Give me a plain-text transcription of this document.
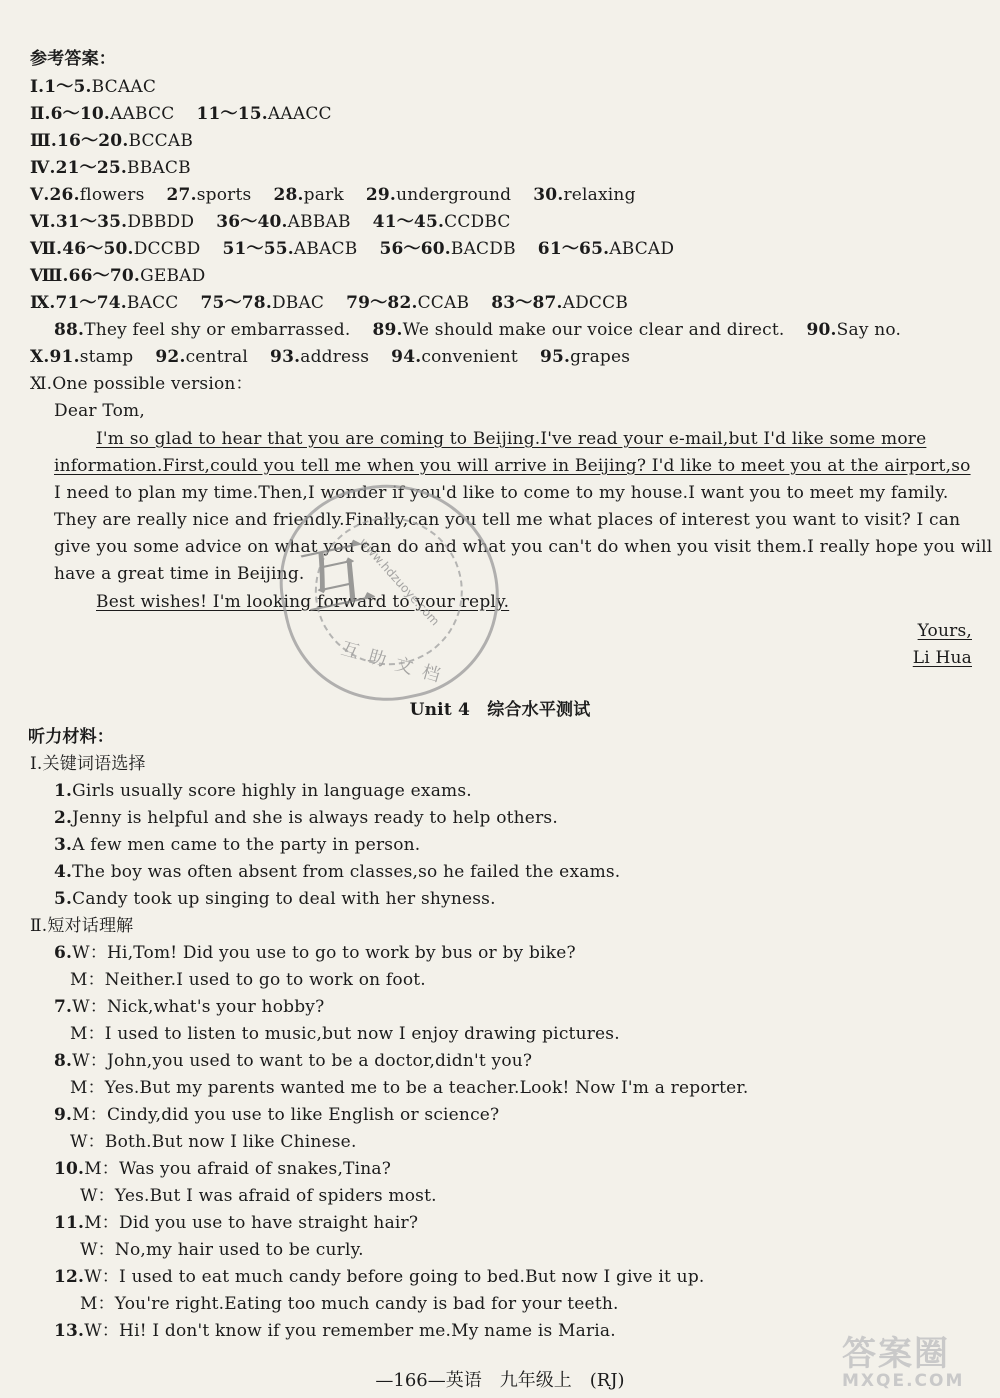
参考答案：
Ⅰ.1～5.BCAAC
Ⅱ.6～10.AABCC 11～15.AAACC
Ⅲ.16～20.BCCAB
Ⅳ.21～25.BBACB
Ⅴ.26.flowers 27.sports 28.park 29.underground 30.relaxing
Ⅵ.31～35.DBBDD 36～40.ABBAB 41～45.CCDBC
Ⅶ.46～50.DCCBD 51～55.ABACB 56～60.BACDB 61～65.ABCAD
Ⅷ.66～70.GEBAD
Ⅸ.71～74.BACC 75～78.DBAC 79～82.CCAB 83～87.ADCCB
88.They feel shy or embarrassed. 89.We should make our voice clear and direct. 90.Say no.
Ⅹ.91.stamp 92.central 93.address 94.convenient 95.grapes
Ⅺ.One possible version：
Dear Tom,
I'm so glad to hear that you are coming to Beijing.I've read your e-mail,but I'd like some more
information.First,could you tell me when you will arrive in Beijing? I'd like to meet you at the airport,so
I need to plan my time.Then,I wonder if you'd like to come to my house.I want you to meet my family.
They are really nice and friendly.Finally,can you tell me what places of interest you want to visit? I can
give you some advice on what you can do and what you can't do when you visit them.I really hope you will
have a great time in Beijing.
Best wishes! I'm looking forward to your reply.
Yours,
Li Hua
互
www.hdzuoye.com
互助文档
Unit 4　综合水平测试
听力材料：
Ⅰ.关键词语选择
1.Girls usually score highly in language exams.
2.Jenny is helpful and she is always ready to help others.
3.A few men came to the party in person.
4.The boy was often absent from classes,so he failed the exams.
5.Candy took up singing to deal with her shyness.
Ⅱ.短对话理解
6.W：Hi,Tom! Did you use to go to work by bus or by bike?
M：Neither.I used to go to work on foot.
7.W：Nick,what's your hobby?
M：I used to listen to music,but now I enjoy drawing pictures.
8.W：John,you used to want to be a doctor,didn't you?
M：Yes.But my parents wanted me to be a teacher.Look! Now I'm a reporter.
9.M：Cindy,did you use to like English or science?
W：Both.But now I like Chinese.
10.M：Was you afraid of snakes,Tina?
W：Yes.But I was afraid of spiders most.
11.M：Did you use to have straight hair?
W：No,my hair used to be curly.
12.W：I used to eat much candy before going to bed.But now I give it up.
M：You're right.Eating too much candy is bad for your teeth.
13.W：Hi! I don't know if you remember me.My name is Maria.
答案圈
MXQE.COM
—166—英语　九年级上　(RJ)
